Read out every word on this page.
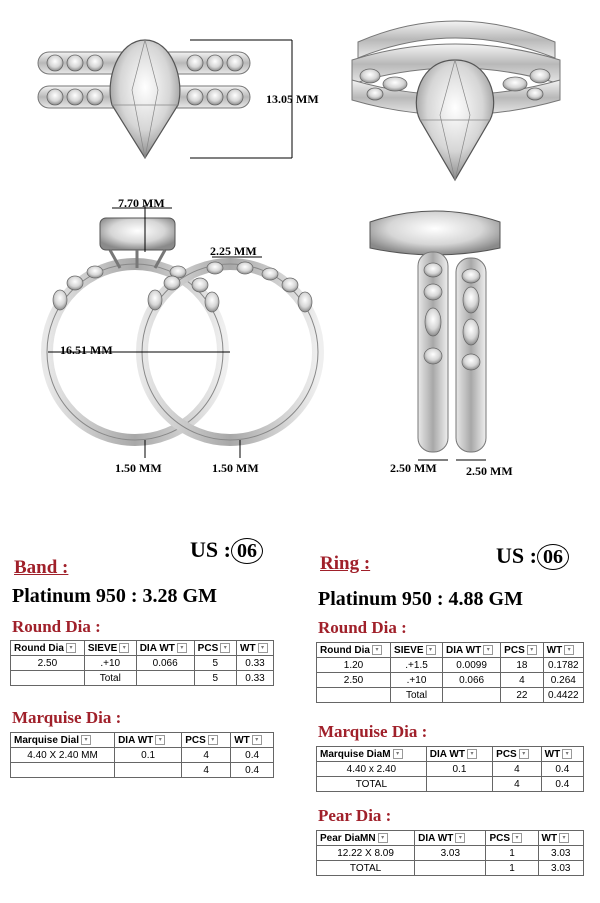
13.05 MM
7.70 MM
2.25 MM
16.51 MM
1.50 MM	1.50 MM	2.50 MM 2.50 MM
US : 06
Band :
Platinum 950 : 3.28 GM
Round Dia :
Round Dia ▾	SIEVE ▾	DIA WT ▾	PCS ▾	WT ▾
2.50	.+10	0.066	5	0.33
	Total		5	0.33
Marquise Dia :
Marquise Dial ▾	DIA WT ▾	PCS ▾	WT ▾
4.40 X 2.40 MM	0.1	4	0.4
		4	0.4
US : 06
Ring :
Platinum 950 : 4.88 GM
Round Dia :
Round Dia ▾	SIEVE ▾	DIA WT ▾	PCS ▾	WT ▾
1.20	.+1.5	0.0099	18	0.1782
2.50	.+10	0.066	4	0.264
	Total		22	0.4422
Marquise Dia :
Marquise DiaM ▾	DIA WT ▾	PCS ▾	WT ▾
4.40 x 2.40	0.1	4	0.4
TOTAL		4	0.4
Pear Dia :
Pear DiaMN ▾	DIA WT ▾	PCS ▾	WT ▾
12.22 X 8.09	3.03	1	3.03
TOTAL		1	3.03
